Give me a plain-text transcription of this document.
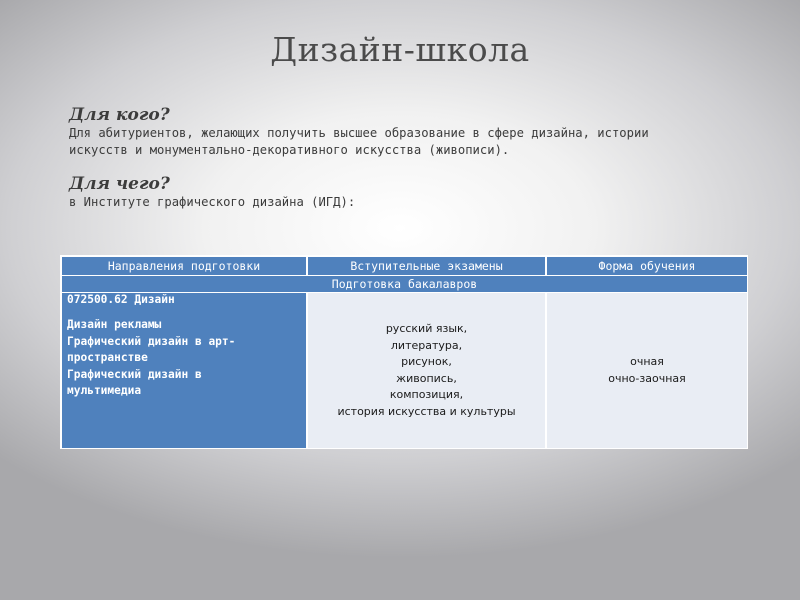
Дизайн-школа
Для кого?
Для абитуриентов, желающих получить высшее образование в сфере дизайна, истории
искусств и монументально-декоративного искусства (живописи).
Для чего?
в Институте графического дизайна (ИГД):
Направления подготовки	Вступительные экзамены	Форма обучения
Подготовка бакалавров
072500.62 Дизайн
Дизайн рекламы
Графический дизайн в арт-
пространстве
Графический дизайн в
мультимедиа
русский язык,
литература,
рисунок,
живопись,
композиция,
история искусства и культуры
очная
очно-заочная
